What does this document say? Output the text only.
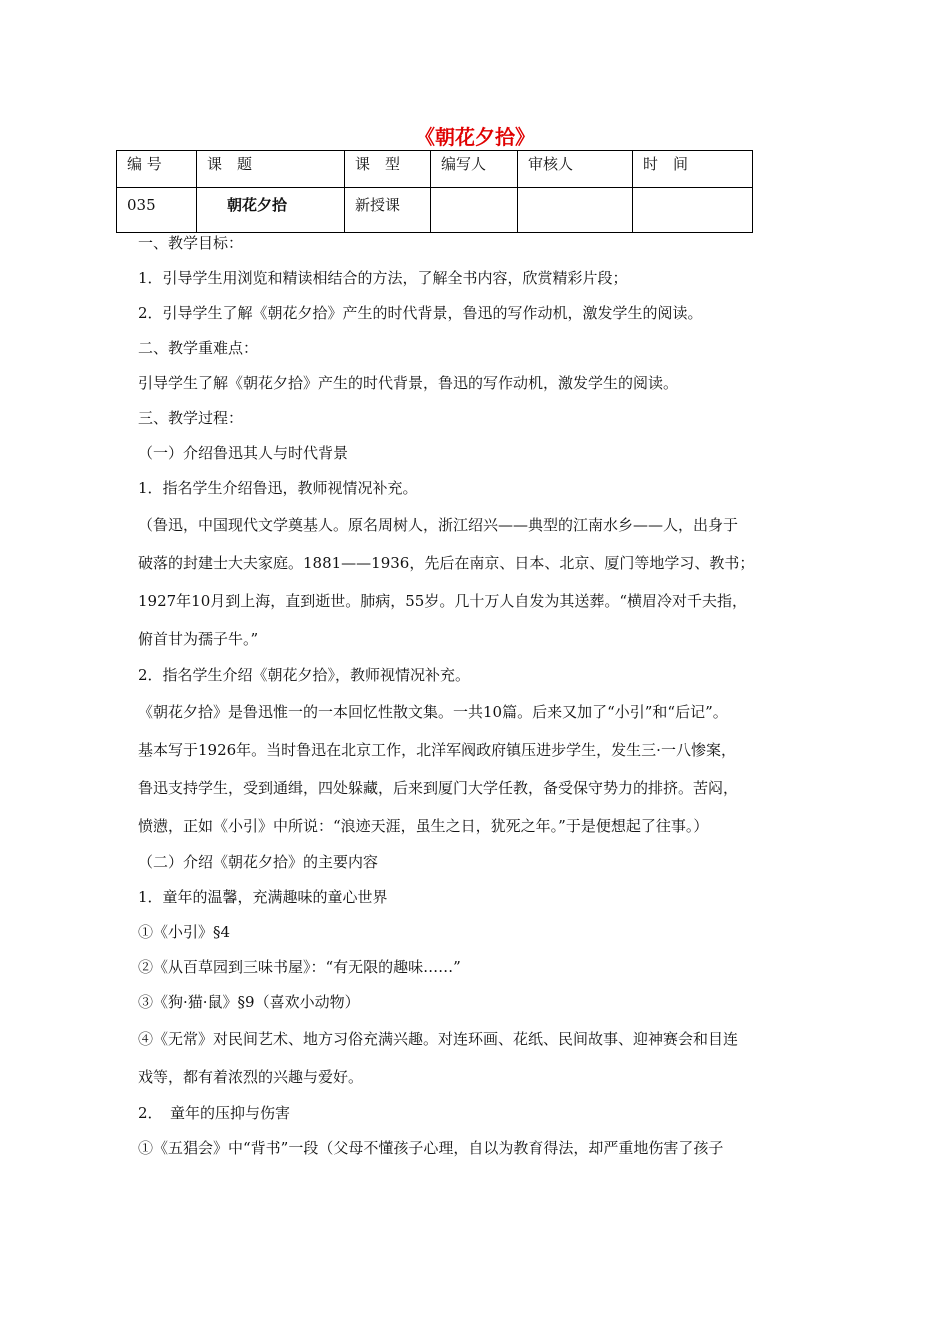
《朝花夕拾》
编 号	课　题	课　型	编写人	审核人	时　间
035	朝花夕拾	新授课			

一、教学目标：

1．引导学生用浏览和精读相结合的方法，了解全书内容，欣赏精彩片段；

2．引导学生了解《朝花夕拾》产生的时代背景，鲁迅的写作动机，激发学生的阅读。

二、教学重难点：

引导学生了解《朝花夕拾》产生的时代背景，鲁迅的写作动机，激发学生的阅读。

三、教学过程：

（一）介绍鲁迅其人与时代背景

1．指名学生介绍鲁迅，教师视情况补充。

（鲁迅，中国现代文学奠基人。原名周树人，浙江绍兴——典型的江南水乡——人，出身于

破落的封建士大夫家庭。1881——1936，先后在南京、日本、北京、厦门等地学习、教书；

1927年10月到上海，直到逝世。肺病，55岁。几十万人自发为其送葬。“横眉冷对千夫指，

俯首甘为孺子牛。”

2．指名学生介绍《朝花夕拾》，教师视情况补充。

《朝花夕拾》是鲁迅惟一的一本回忆性散文集。一共10篇。后来又加了“小引”和“后记”。

基本写于1926年。当时鲁迅在北京工作，北洋军阀政府镇压进步学生，发生三·一八惨案，

鲁迅支持学生，受到通缉，四处躲藏，后来到厦门大学任教，备受保守势力的排挤。苦闷，

愤懑，正如《小引》中所说：“浪迹天涯，虽生之日，犹死之年。”于是便想起了往事。）

（二）介绍《朝花夕拾》的主要内容

1．童年的温馨，充满趣味的童心世界

①《小引》§4

②《从百草园到三味书屋》：“有无限的趣味……”

③《狗·猫·鼠》§9（喜欢小动物）

④《无常》对民间艺术、地方习俗充满兴趣。对连环画、花纸、民间故事、迎神赛会和目连

戏等，都有着浓烈的兴趣与爱好。

2．　童年的压抑与伤害

①《五猖会》中“背书”一段（父母不懂孩子心理，自以为教育得法，却严重地伤害了孩子
